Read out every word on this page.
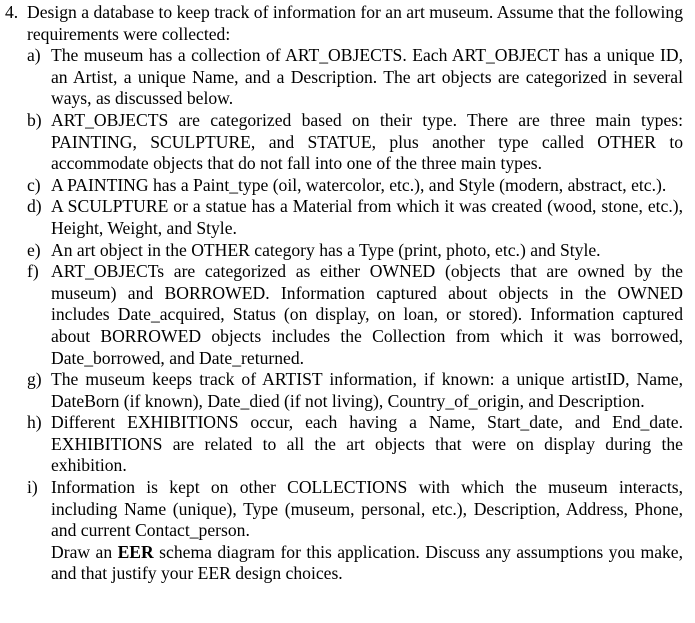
4. Design a database to keep track of information for an art museum. Assume that the following requirements were collected:
a) The museum has a collection of ART_OBJECTS. Each ART_OBJECT has a unique ID, an Artist, a unique Name, and a Description. The art objects are categorized in several ways, as discussed below.
b) ART_OBJECTS are categorized based on their type. There are three main types: PAINTING, SCULPTURE, and STATUE, plus another type called OTHER to accommodate objects that do not fall into one of the three main types.
c) A PAINTING has a Paint_type (oil, watercolor, etc.), and Style (modern, abstract, etc.).
d) A SCULPTURE or a statue has a Material from which it was created (wood, stone, etc.), Height, Weight, and Style.
e) An art object in the OTHER category has a Type (print, photo, etc.) and Style.
f) ART_OBJECTs are categorized as either OWNED (objects that are owned by the museum) and BORROWED. Information captured about objects in the OWNED includes Date_acquired, Status (on display, on loan, or stored). Information captured about BORROWED objects includes the Collection from which it was borrowed, Date_borrowed, and Date_returned.
g) The museum keeps track of ARTIST information, if known: a unique artistID, Name, DateBorn (if known), Date_died (if not living), Country_of_origin, and Description.
h) Different EXHIBITIONS occur, each having a Name, Start_date, and End_date. EXHIBITIONS are related to all the art objects that were on display during the exhibition.
i) Information is kept on other COLLECTIONS with which the museum interacts, including Name (unique), Type (museum, personal, etc.), Description, Address, Phone, and current Contact_person.
Draw an EER schema diagram for this application. Discuss any assumptions you make, and that justify your EER design choices.
